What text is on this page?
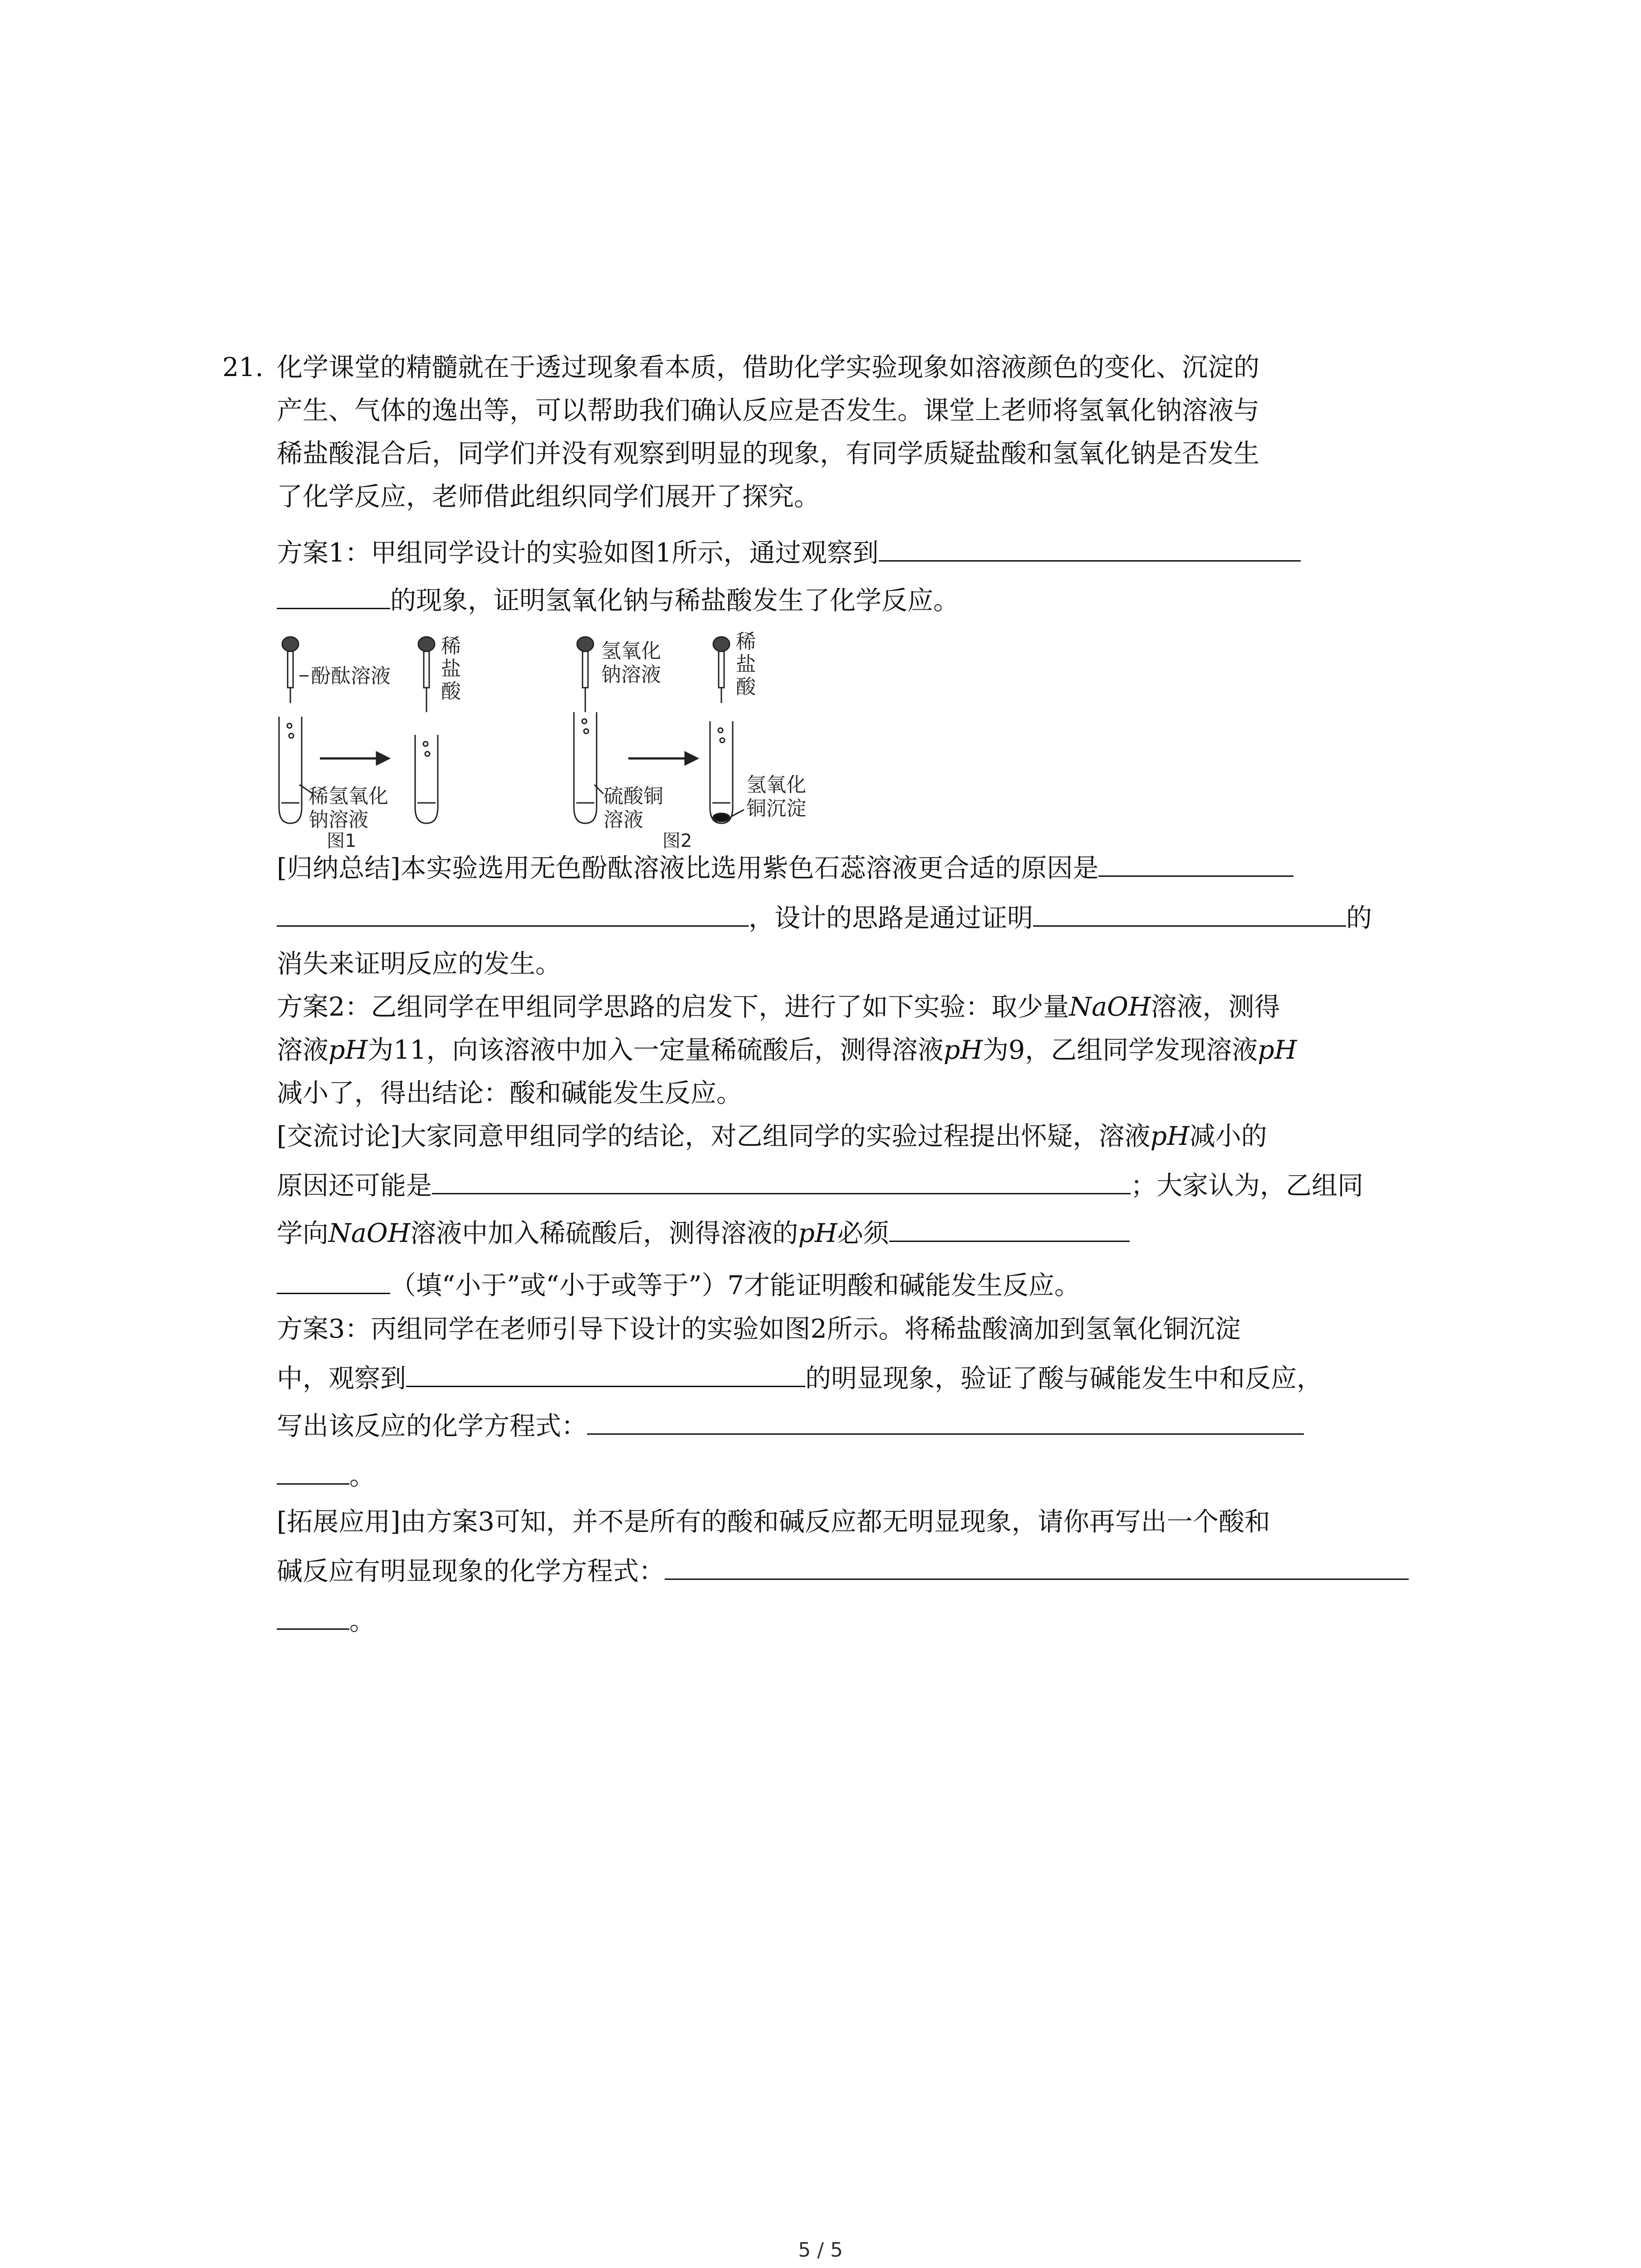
21. 化学课堂的精髓就在于透过现象看本质，借助化学实验现象如溶液颜色的变化、沉淀的
产生、气体的逸出等，可以帮助我们确认反应是否发生。课堂上老师将氢氧化钠溶液与
稀盐酸混合后，同学们并没有观察到明显的现象，有同学质疑盐酸和氢氧化钠是否发生
了化学反应，老师借此组织同学们展开了探究。
方案1：甲组同学设计的实验如图1所示，通过观察到
的现象，证明氢氧化钠与稀盐酸发生了化学反应。
酚酞溶液
稀
盐
酸
稀氢氧化
钠溶液
图1
氢氧化
钠溶液
稀
盐
酸
硫酸铜
溶液
氢氧化
铜沉淀
图2
[归纳总结]本实验选用无色酚酞溶液比选用紫色石蕊溶液更合适的原因是
，设计的思路是通过证明	的
消失来证明反应的发生。
方案2：乙组同学在甲组同学思路的启发下，进行了如下实验：取少量NaOH溶液，测得
溶液pH为11，向该溶液中加入一定量稀硫酸后，测得溶液pH为9，乙组同学发现溶液pH
减小了，得出结论：酸和碱能发生反应。
[交流讨论]大家同意甲组同学的结论，对乙组同学的实验过程提出怀疑，溶液pH减小的
原因还可能是	；大家认为，乙组同
学向NaOH溶液中加入稀硫酸后，测得溶液的pH必须
（填“小于”或“小于或等于”）7才能证明酸和碱能发生反应。
方案3：丙组同学在老师引导下设计的实验如图2所示。将稀盐酸滴加到氢氧化铜沉淀
中，观察到	的明显现象，验证了酸与碱能发生中和反应，
写出该反应的化学方程式：
。
[拓展应用]由方案3可知，并不是所有的酸和碱反应都无明显现象，请你再写出一个酸和
碱反应有明显现象的化学方程式：
。
5 / 5
